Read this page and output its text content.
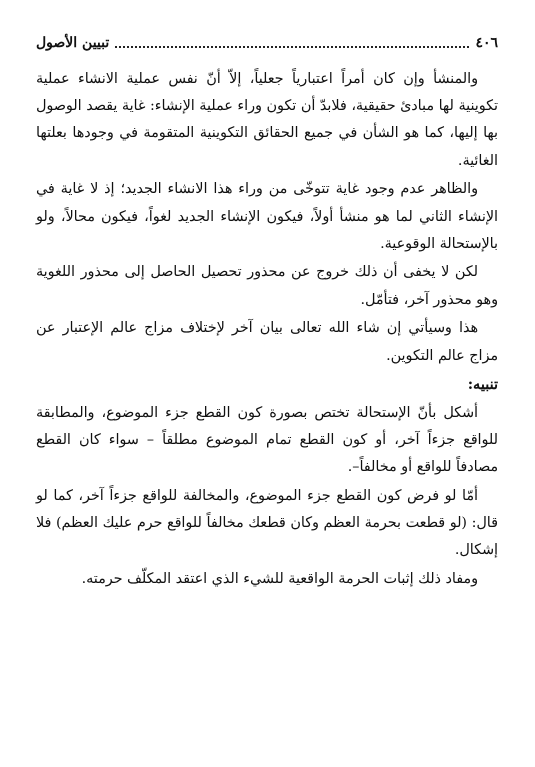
٤٠٦
تبيين الأصول

والمنشأ وإن كان أمراً اعتبارياً جعلياً، إلاّ أنّ نفس عملية الانشاء عملية تكوينية لها مبادئ حقيقية، فلابدّ أن تكون وراء عملية الإنشاء: غاية يقصد الوصول بها إليها، كما هو الشأن في جميع الحقائق التكوينية المتقومة في وجودها بعلتها الغائية.

والظاهر عدم وجود غاية تتوخّى من وراء هذا الانشاء الجديد؛ إذ لا غاية في الإنشاء الثاني لما هو منشأ أولاً، فيكون الإنشاء الجديد لغواً، فيكون محالاً، ولو بالإستحالة الوقوعية.

لكن لا يخفى أن ذلك خروج عن محذور تحصيل الحاصل إلى محذور اللغوية وهو محذور آخر، فتأمّل.

هذا وسيأتي إن شاء الله تعالى بيان آخر لإختلاف مزاج عالم الإعتبار عن مزاج عالم التكوين.

تنبيه:

أشكل بأنّ الإستحالة تختص بصورة كون القطع جزء الموضوع، والمطابقة للواقع جزءاً آخر، أو كون القطع تمام الموضوع مطلقاً – سواء كان القطع مصادفاً للواقع أو مخالفاً–.

أمّا لو فرض كون القطع جزء الموضوع، والمخالفة للواقع جزءاً آخر، كما لو قال: (لو قطعت بحرمة العظم وكان قطعك مخالفاً للواقع حرم عليك العظم) فلا إشكال.

ومفاد ذلك إثبات الحرمة الواقعية للشيء الذي اعتقد المكلّف حرمته.
